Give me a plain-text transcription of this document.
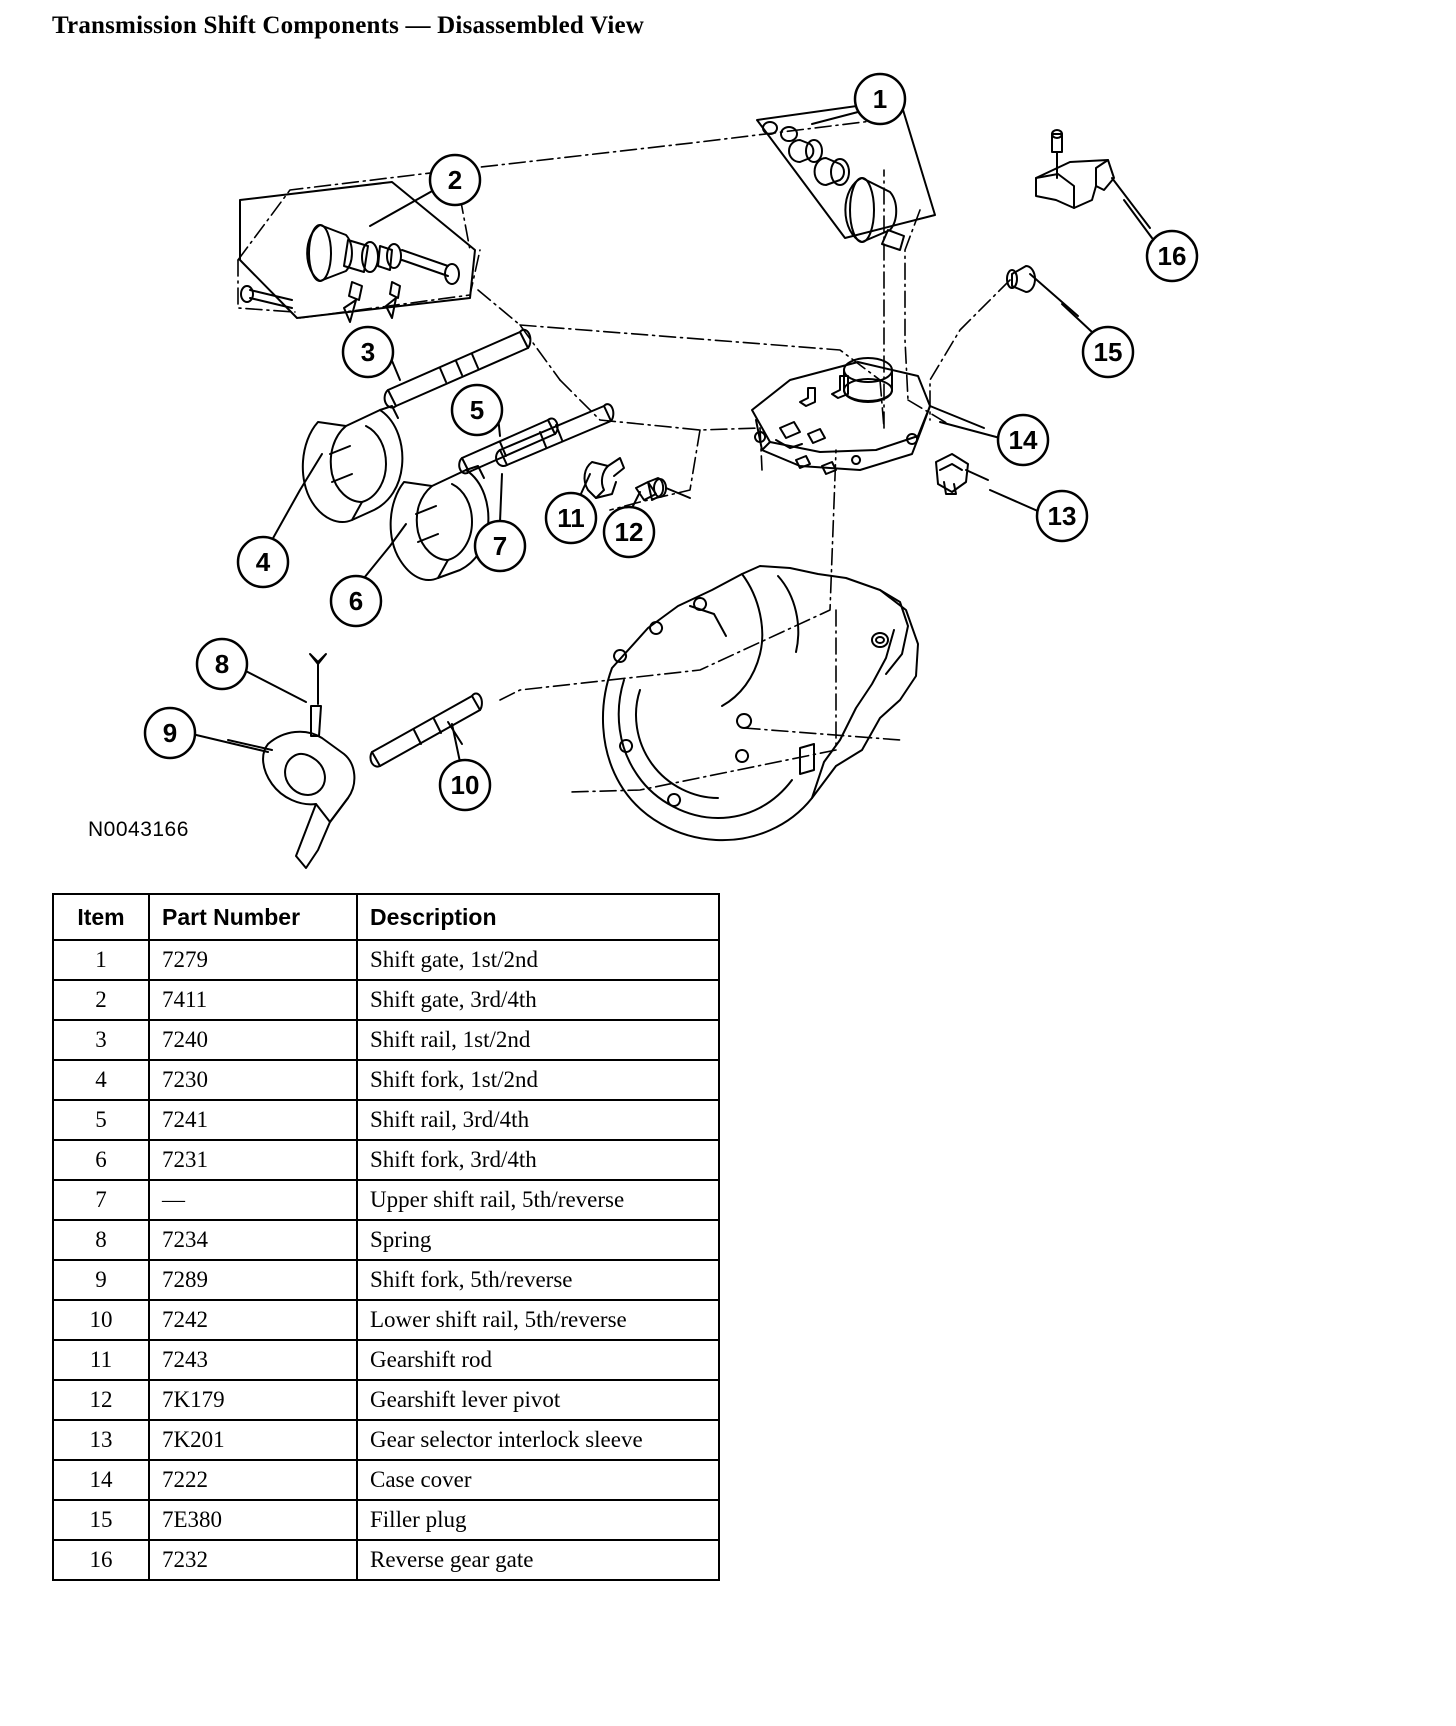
Transmission Shift Components — Disassembled View
1
2
3
5
4
6
7
11 12
8
9
10
13
14
15
16
N0043166
Item	Part Number	Description
1	7279	Shift gate, 1st/2nd
2	7411	Shift gate, 3rd/4th
3	7240	Shift rail, 1st/2nd
4	7230	Shift fork, 1st/2nd
5	7241	Shift rail, 3rd/4th
6	7231	Shift fork, 3rd/4th
7	—	Upper shift rail, 5th/reverse
8	7234	Spring
9	7289	Shift fork, 5th/reverse
10	7242	Lower shift rail, 5th/reverse
11	7243	Gearshift rod
12	7K179	Gearshift lever pivot
13	7K201	Gear selector interlock sleeve
14	7222	Case cover
15	7E380	Filler plug
16	7232	Reverse gear gate
